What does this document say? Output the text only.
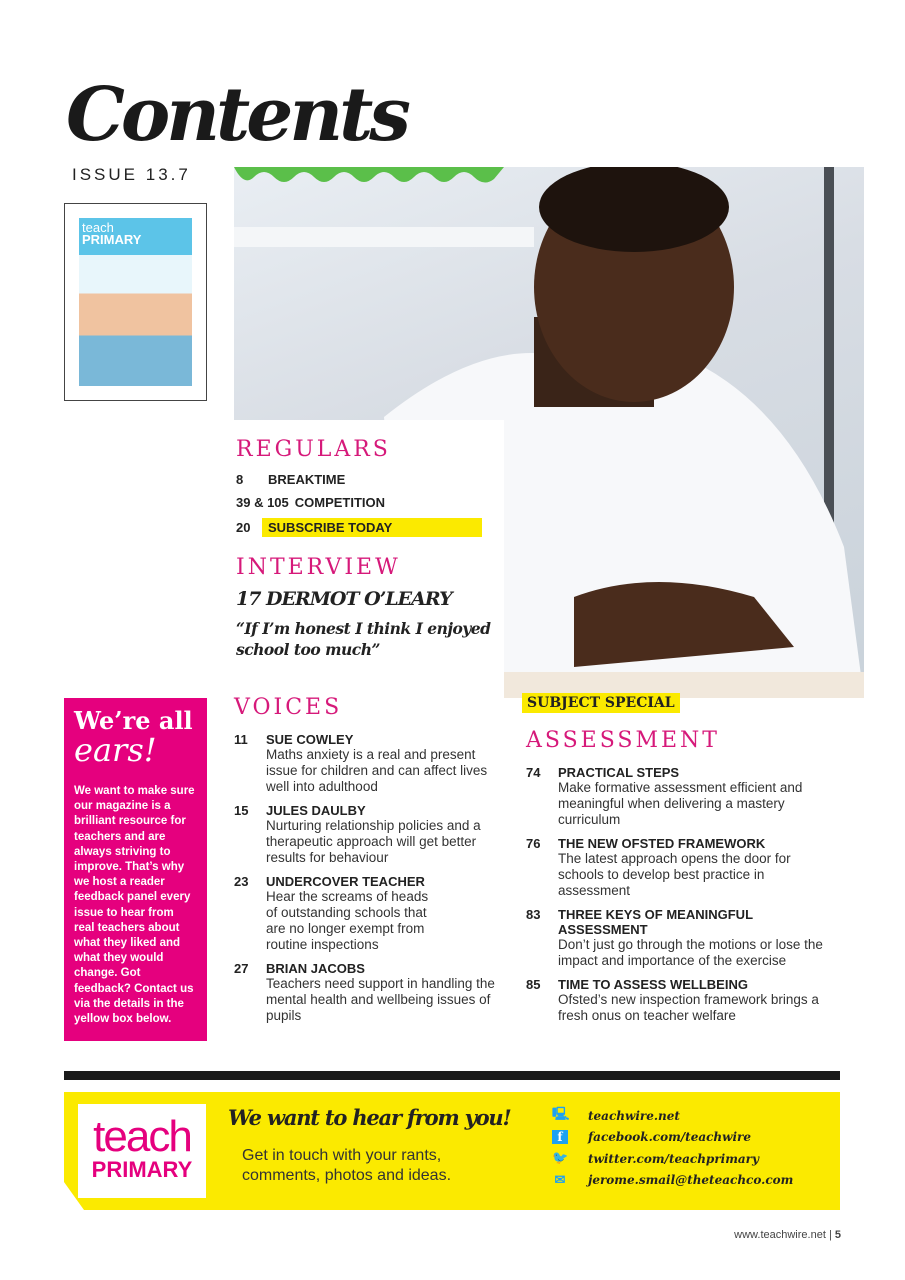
Contents
ISSUE 13.7
teach
PRIMARY
REGULARS
8	BREAKTIME
39 & 105 COMPETITION
20	SUBSCRIBE TODAY
INTERVIEW
17 DERMOT O’LEARY
“If I’m honest I think I enjoyed school too much”
We’re all
ears!

We want to make sure our magazine is a brilliant resource for teachers and are always striving to improve. That’s why we host a reader feedback panel every issue to hear from real teachers about what they liked and what they would change. Got feedback? Contact us via the details in the yellow box below.

VOICES
11	SUE COWLEY
Maths anxiety is a real and present issue for children and can affect lives well into adulthood
15	JULES DAULBY
Nurturing relationship policies and a therapeutic approach will get better results for behaviour
23	UNDERCOVER TEACHER
Hear the screams of heads of outstanding schools that are no longer exempt from routine inspections
27	BRIAN JACOBS
Teachers need support in handling the mental health and wellbeing issues of pupils
SUBJECT SPECIAL
ASSESSMENT
74	PRACTICAL STEPS
Make formative assessment efficient and meaningful when delivering a mastery curriculum
76	THE NEW OFSTED FRAMEWORK
The latest approach opens the door for schools to develop best practice in assessment
83	THREE KEYS OF MEANINGFUL ASSESSMENT
Don’t just go through the motions or lose the impact and importance of the exercise
85	TIME TO ASSESS WELLBEING
Ofsted’s new inspection framework brings a fresh onus on teacher welfare
teach
PRIMARY
We want to hear from you!
Get in touch with your rants, comments, photos and ideas.
🖳 teachwire.net
f	facebook.com/teachwire
🐦 twitter.com/teachprimary
✉ jerome.smail@theteachco.com
www.teachwire.net | 5
